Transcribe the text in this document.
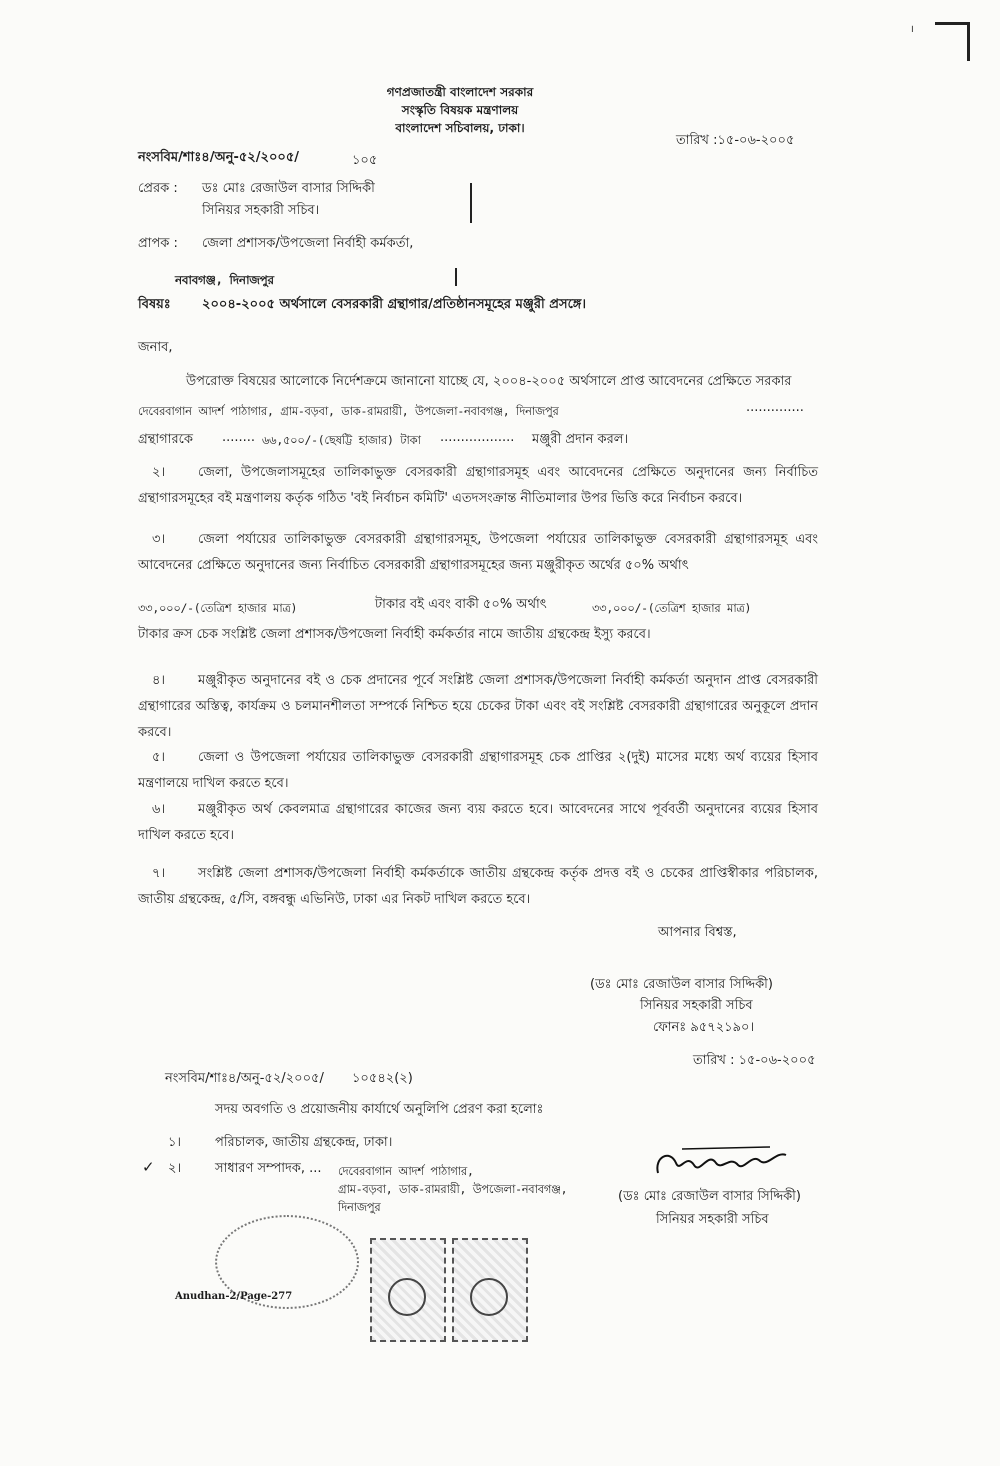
।
গণপ্রজাতন্ত্রী বাংলাদেশ সরকার
সংস্কৃতি বিষয়ক মন্ত্রণালয়
বাংলাদেশ সচিবালয়, ঢাকা।
তারিখ :১৫-০৬-২০০৫
নংসবিম/শাঃ৪/অনু-৫২/২০০৫/	১০৫
প্রেরক : ডঃ মোঃ রেজাউল বাসার সিদ্দিকী
সিনিয়র সহকারী সচিব।
প্রাপক : জেলা প্রশাসক/উপজেলা নির্বাহী কর্মকর্তা,
নবাবগঞ্জ, দিনাজপুর
বিষয়ঃ ২০০৪-২০০৫ অর্থসালে বেসরকারী গ্রন্থাগার/প্রতিষ্ঠানসমূহের মঞ্জুরী প্রসঙ্গে।
জনাব,
উপরোক্ত বিষয়ের আলোকে নির্দেশক্রমে জানানো যাচ্ছে যে, ২০০৪-২০০৫ অর্থসালে প্রাপ্ত আবেদনের প্রেক্ষিতে সরকার
দেবেরবাগান আদর্শ পাঠাগার, গ্রাম-বড়বা, ডাক-রামরায়ী, উপজেলা-নবাবগঞ্জ, দিনাজপুর	..............
গ্রন্থাগারকে ........ ৬৬,৫০০/-(ছেষট্টি হাজার) টাকা .................. মঞ্জুরী প্রদান করল।
২।	জেলা, উপজেলাসমূহের তালিকাভুক্ত বেসরকারী গ্রন্থাগারসমূহ এবং আবেদনের প্রেক্ষিতে অনুদানের জন্য নির্বাচিত গ্রন্থাগারসমূহের বই মন্ত্রণালয় কর্তৃক গঠিত 'বই নির্বাচন কমিটি' এতদসংক্রান্ত নীতিমালার উপর ভিত্তি করে নির্বাচন করবে।
৩।	জেলা পর্যায়ের তালিকাভুক্ত বেসরকারী গ্রন্থাগারসমূহ, উপজেলা পর্যায়ের তালিকাভুক্ত বেসরকারী গ্রন্থাগারসমূহ এবং আবেদনের প্রেক্ষিতে অনুদানের জন্য নির্বাচিত বেসরকারী গ্রন্থাগারসমূহের জন্য মঞ্জুরীকৃত অর্থের ৫০% অর্থাৎ
৩৩,০০০/-(তেত্রিশ হাজার মাত্র)	টাকার বই এবং বাকী ৫০% অর্থাৎ	৩৩,০০০/-(তেত্রিশ হাজার মাত্র)
টাকার ক্রস চেক সংশ্লিষ্ট জেলা প্রশাসক/উপজেলা নির্বাহী কর্মকর্তার নামে জাতীয় গ্রন্থকেন্দ্র ইস্যু করবে।
৪।	মঞ্জুরীকৃত অনুদানের বই ও চেক প্রদানের পূর্বে সংশ্লিষ্ট জেলা প্রশাসক/উপজেলা নির্বাহী কর্মকর্তা অনুদান প্রাপ্ত বেসরকারী গ্রন্থাগারের অস্তিত্ব, কার্যক্রম ও চলমানশীলতা সম্পর্কে নিশ্চিত হয়ে চেকের টাকা এবং বই সংশ্লিষ্ট বেসরকারী গ্রন্থাগারের অনুকূলে প্রদান করবে।
৫।	জেলা ও উপজেলা পর্যায়ের তালিকাভুক্ত বেসরকারী গ্রন্থাগারসমূহ চেক প্রাপ্তির ২(দুই) মাসের মধ্যে অর্থ ব্যয়ের হিসাব মন্ত্রণালয়ে দাখিল করতে হবে।
৬।	মঞ্জুরীকৃত অর্থ কেবলমাত্র গ্রন্থাগারের কাজের জন্য ব্যয় করতে হবে। আবেদনের সাথে পূর্ববর্তী অনুদানের ব্যয়ের হিসাব দাখিল করতে হবে।
৭।	সংশ্লিষ্ট জেলা প্রশাসক/উপজেলা নির্বাহী কর্মকর্তাকে জাতীয় গ্রন্থকেন্দ্র কর্তৃক প্রদত্ত বই ও চেকের প্রাপ্তিস্বীকার পরিচালক, জাতীয় গ্রন্থকেন্দ্র, ৫/সি, বঙ্গবন্ধু এভিনিউ, ঢাকা এর নিকট দাখিল করতে হবে।
আপনার বিশ্বস্ত,
(ডঃ মোঃ রেজাউল বাসার সিদ্দিকী)
সিনিয়র সহকারী সচিব
ফোনঃ ৯৫৭২১৯০।
তারিখ : ১৫-০৬-২০০৫
নংসবিম/শাঃ৪/অনু-৫২/২০০৫/ ১০৫৪২(২)
সদয় অবগতি ও প্রয়োজনীয় কার্যার্থে অনুলিপি প্রেরণ করা হলোঃ
১।	পরিচালক, জাতীয় গ্রন্থকেন্দ্র, ঢাকা।
✓ ২।	সাধারণ সম্পাদক, ... দেবেরবাগান আদর্শ পাঠাগার,
গ্রাম-বড়বা, ডাক-রামরায়ী, উপজেলা-নবাবগঞ্জ,
দিনাজপুর
(ডঃ মোঃ রেজাউল বাসার সিদ্দিকী)
সিনিয়র সহকারী সচিব
Anudhan-2/Page-277
